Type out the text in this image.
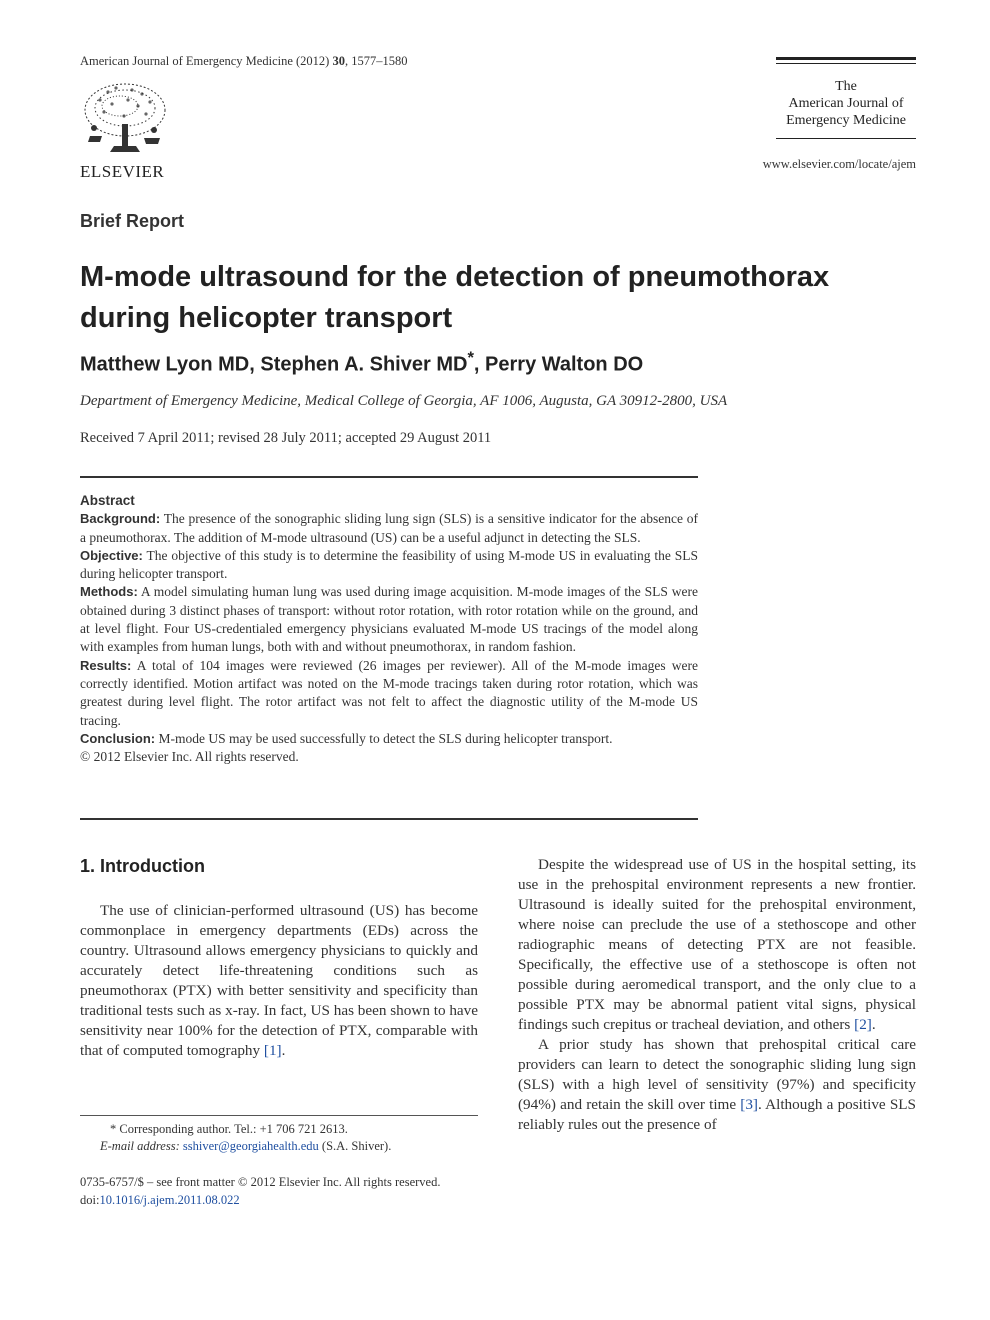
American Journal of Emergency Medicine (2012) 30, 1577–1580
ELSEVIER
The
American Journal of
Emergency Medicine
www.elsevier.com/locate/ajem
Brief Report
M-mode ultrasound for the detection of pneumothorax during helicopter transport
Matthew Lyon MD, Stephen A. Shiver MD*, Perry Walton DO
Department of Emergency Medicine, Medical College of Georgia, AF 1006, Augusta, GA 30912-2800, USA
Received 7 April 2011; revised 28 July 2011; accepted 29 August 2011
Abstract

Background: The presence of the sonographic sliding lung sign (SLS) is a sensitive indicator for the absence of a pneumothorax. The addition of M-mode ultrasound (US) can be a useful adjunct in detecting the SLS.

Objective: The objective of this study is to determine the feasibility of using M-mode US in evaluating the SLS during helicopter transport.

Methods: A model simulating human lung was used during image acquisition. M-mode images of the SLS were obtained during 3 distinct phases of transport: without rotor rotation, with rotor rotation while on the ground, and at level flight. Four US-credentialed emergency physicians evaluated M-mode US tracings of the model along with examples from human lungs, both with and without pneumothorax, in random fashion.

Results: A total of 104 images were reviewed (26 images per reviewer). All of the M-mode images were correctly identified. Motion artifact was noted on the M-mode tracings taken during rotor rotation, which was greatest during level flight. The rotor artifact was not felt to affect the diagnostic utility of the M-mode US tracing.

Conclusion: M-mode US may be used successfully to detect the SLS during helicopter transport.

© 2012 Elsevier Inc. All rights reserved.

1. Introduction

The use of clinician-performed ultrasound (US) has become commonplace in emergency departments (EDs) across the country. Ultrasound allows emergency physicians to quickly and accurately detect life-threatening conditions such as pneumothorax (PTX) with better sensitivity and specificity than traditional tests such as x-ray. In fact, US has been shown to have sensitivity near 100% for the detection of PTX, comparable with that of computed tomography [1].

Despite the widespread use of US in the hospital setting, its use in the prehospital environment represents a new frontier. Ultrasound is ideally suited for the prehospital environment, where noise can preclude the use of a stethoscope and other radiographic means of detecting PTX are not feasible. Specifically, the effective use of a stethoscope is often not possible during aeromedical transport, and the only clue to a possible PTX may be abnormal patient vital signs, physical findings such crepitus or tracheal deviation, and others [2].

A prior study has shown that prehospital critical care providers can learn to detect the sonographic sliding lung sign (SLS) with a high level of sensitivity (97%) and specificity (94%) and retain the skill over time [3]. Although a positive SLS reliably rules out the presence of

* Corresponding author. Tel.: +1 706 721 2613.
E-mail address: sshiver@georgiahealth.edu (S.A. Shiver).
0735-6757/$ – see front matter © 2012 Elsevier Inc. All rights reserved.
doi:10.1016/j.ajem.2011.08.022
